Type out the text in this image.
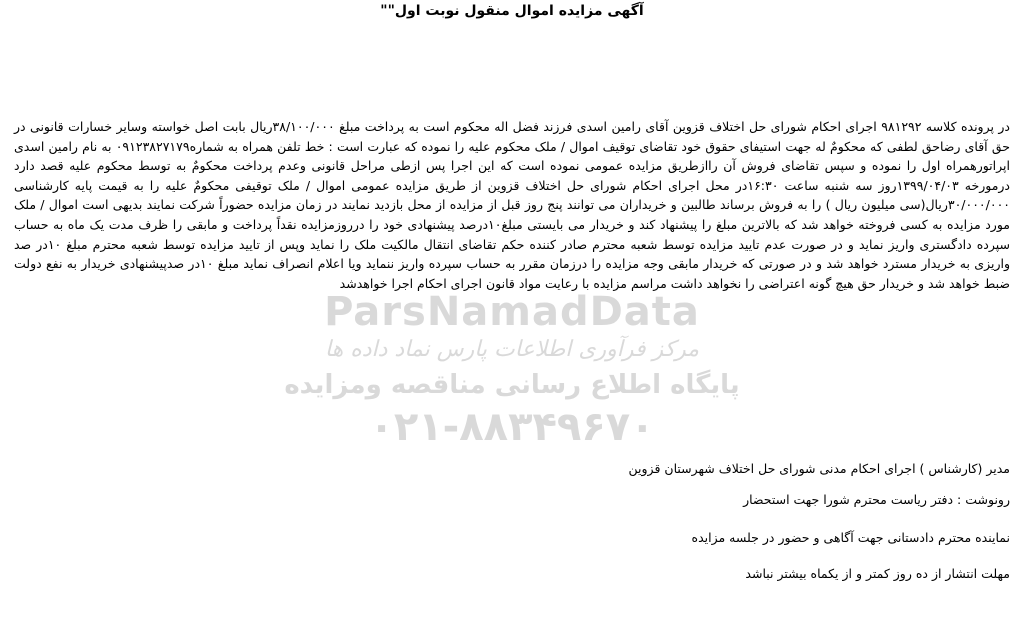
آگهی مزایده اموال منقول نوبت اول""
ParsNamadData
مرکز فرآوری اطلاعات پارس نماد داده ها
پایگاه اطلاع رسانی مناقصه ومزایده
۰۲۱-۸۸۳۴۹۶۷۰

در پرونده کلاسه ۹۸۱۲۹۲ اجرای احکام شورای حل اختلاف قزوین آقای رامین اسدی فرزند فضل اله محکوم است به پرداخت مبلغ ۳۸/۱۰۰/۰۰۰ریال بابت اصل خواسته وسایر خسارات قانونی در حق آقای رضاحق لطفی که محکومٌ له جهت استیفای حقوق خود تقاضای توقیف اموال / ملک محکوم علیه را نموده که عبارت است : خط تلفن همراه به شماره۰۹۱۲۳۸۲۷۱۷۹ به نام رامین اسدی اپراتورهمراه اول را نموده و سپس تقاضای فروش آن راازطریق مزایده عمومی نموده است که این اجرا پس ازطی مراحل قانونی وعدم پرداخت محکومٌ به توسط محکوم علیه قصد دارد درمورخه ۱۳۹۹/۰۴/۰۳روز سه شنبه ساعت ۱۶:۳۰در محل اجرای احکام شورای حل اختلاف قزوین از طریق مزایده عمومی اموال / ملک توقیفی محکومٌ علیه را به قیمت پایه کارشناسی ۳۰/۰۰۰/۰۰۰ریال(سی میلیون ریال ) را به فروش برساند طالبین و خریداران می توانند پنج روز قبل از مزایده از محل بازدید نمایند در زمان مزایده حضوراً شرکت نمایند بدیهی است اموال / ملک مورد مزایده به کسی فروخته خواهد شد که بالاترین مبلغ را پیشنهاد کند و خریدار می بایستی مبلغ۱۰درصد پیشنهادی خود را درروزمزایده نقداً پرداخت و مابقی را ظرف مدت یک ماه به حساب سپرده دادگستری واریز نماید و در صورت عدم تایید مزایده توسط شعبه محترم صادر کننده حکم تقاضای انتقال مالکیت ملک را نماید وپس از تایید مزایده توسط شعبه محترم مبلغ ۱۰در صد واریزی به خریدار مسترد خواهد شد و در صورتی که خریدار مابقی وجه مزایده را درزمان مقرر به حساب سپرده واریز ننماید ویا اعلام انصراف نماید مبلغ ۱۰در صدپیشنهادی خریدار به نفع دولت ضبط خواهد شد و خریدار حق هیچ گونه اعتراضی را نخواهد داشت مراسم مزایده با رعایت مواد قانون اجرای احکام اجرا خواهدشد

مدیر (کارشناس ) اجرای احکام مدنی شورای حل اختلاف شهرستان قزوین

رونوشت : دفتر ریاست محترم شورا جهت استحضار

نماینده محترم دادستانی جهت آگاهی و حضور در جلسه مزایده

مهلت انتشار از ده روز کمتر و از یکماه بیشتر نباشد
